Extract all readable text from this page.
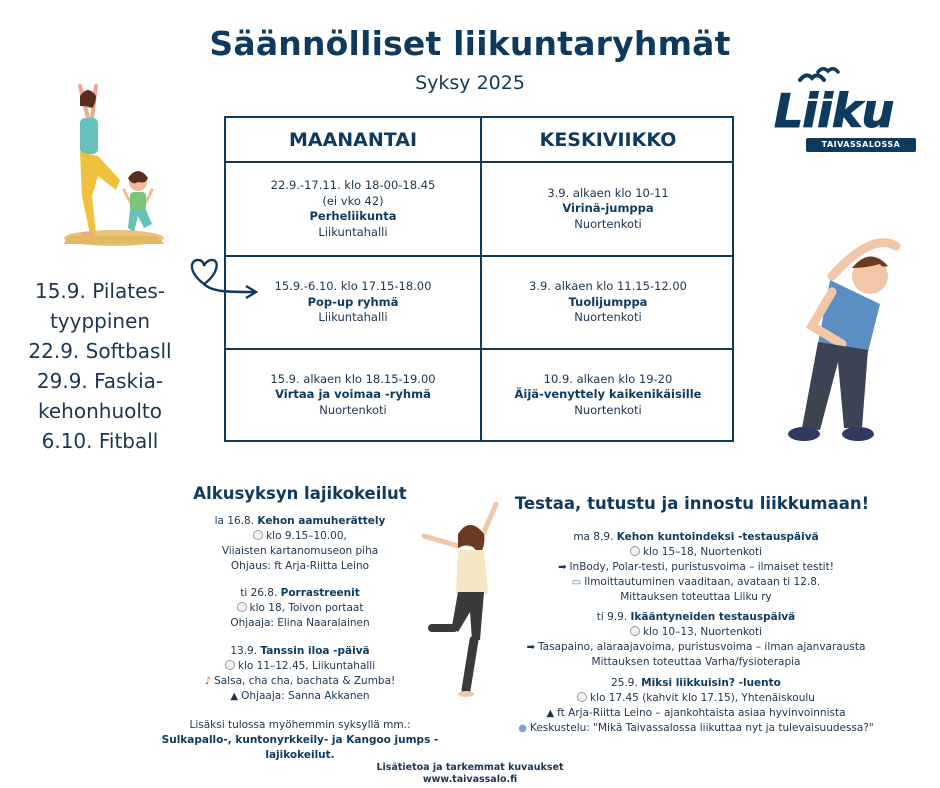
Säännölliset liikuntaryhmät
Syksy 2025
Liiku
TAIVASSALOSSA
15.9. Pilates-
tyyppinen
22.9. Softbasll
29.9. Faskia-
kehonhuolto
6.10. Fitball
MAANANTAI	KESKIVIIKKO
22.9.-17.11. klo 18-00-18.45
(ei vko 42)
Perheliikunta
Liikuntahalli
3.9. alkaen klo 10-11
Virinä-jumppa
Nuortenkoti
15.9.-6.10. klo 17.15-18.00
Pop-up ryhmä
Liikuntahalli
3.9. alkaen klo 11.15-12.00
Tuolijumppa
Nuortenkoti
15.9. alkaen klo 18.15-19.00
Virtaa ja voimaa -ryhmä
Nuortenkoti
10.9. alkaen klo 19-20
Äijä-venyttely kaikenikäisille
Nuortenkoti
Alkusyksyn lajikokeilut
la 16.8. Kehon aamuherättely
klo 9.15–10.00,
Viiaisten kartanomuseon piha
Ohjaus: ft Arja-Riitta Leino
ti 26.8. Porrastreenit
klo 18, Toivon portaat
Ohjaaja: Elina Naaralainen
13.9. Tanssin iloa -päivä
klo 11–12.45, Liikuntahalli
♪ Salsa, cha cha, bachata & Zumba!
▲ Ohjaaja: Sanna Akkanen
Lisäksi tulossa myöhemmin syksyllä mm.:
Sulkapallo-, kuntonyrkkeily- ja Kangoo jumps -lajikokeilut.
Testaa, tutustu ja innostu liikkumaan!
ma 8.9. Kehon kuntoindeksi -testauspäivä
klo 15–18, Nuortenkoti
➡ InBody, Polar-testi, puristusvoima – ilmaiset testit!
▭ Ilmoittautuminen vaaditaan, avataan ti 12.8.
Mittauksen toteuttaa Liiku ry
ti 9.9. Ikääntyneiden testauspäivä
klo 10–13, Nuortenkoti
➡ Tasapaino, alaraajavoima, puristusvoima – ilman ajanvarausta
Mittauksen toteuttaa Varha/fysioterapia
25.9. Miksi liikkuisin? -luento
klo 17.45 (kahvit klo 17.15), Yhtenäiskoulu
▲ ft Arja-Riitta Leino – ajankohtaista asiaa hyvinvoinnista
● Keskustelu: "Mikä Taivassalossa liikuttaa nyt ja tulevaisuudessa?"
Lisätietoa ja tarkemmat kuvaukset
www.taivassalo.fi
